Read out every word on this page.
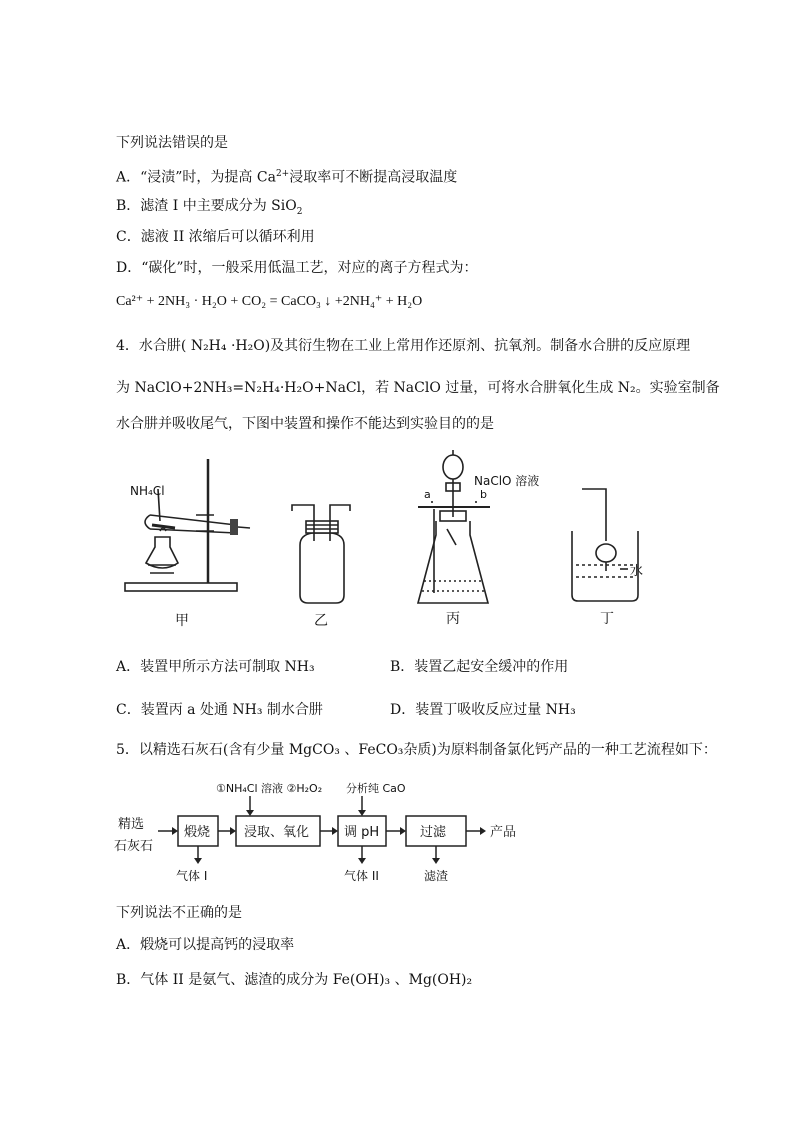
下列说法错误的是
A．“浸渍”时，为提高 $Ca^{2+}$浸取率可不断提高浸取温度
B．滤渣 I 中主要成分为 SiO$_2$
C．滤液 II 浓缩后可以循环利用
D．“碳化”时，一般采用低温工艺，对应的离子方程式为：
Ca²⁺ + 2NH₃ · H₂O + CO₂ = CaCO₃ ↓ +2NH₄⁺ + H₂O
4．水合肼( N₂H₄ ·H₂O)及其衍生物在工业上常用作还原剂、抗氧剂。制备水合肼的反应原理
为 NaClO+2NH₃=N₂H₄·H₂O+NaCl，若 NaClO 过量，可将水合肼氧化生成 N₂。实验室制备
水合肼并吸收尾气，下图中装置和操作不能达到实验目的的是
NH₄Cl
NaClO 溶液
a	b
水
甲	乙	丙	丁
A．装置甲所示方法可制取 NH₃	B．装置乙起安全缓冲的作用
C．装置丙 a 处通 NH₃ 制水合肼	D．装置丁吸收反应过量 NH₃
5．以精选石灰石(含有少量 MgCO₃ 、FeCO₃杂质)为原料制备氯化钙产品的一种工艺流程如下：
精选
石灰石
煅烧	浸取、氧化	调 pH	过滤	产品
①NH₄Cl 溶液 ②H₂O₂ 分析纯 CaO
气体 I	气体 II	滤渣
下列说法不正确的是
A．煅烧可以提高钙的浸取率
B．气体 II 是氨气、滤渣的成分为 Fe(OH)₃ 、Mg(OH)₂
